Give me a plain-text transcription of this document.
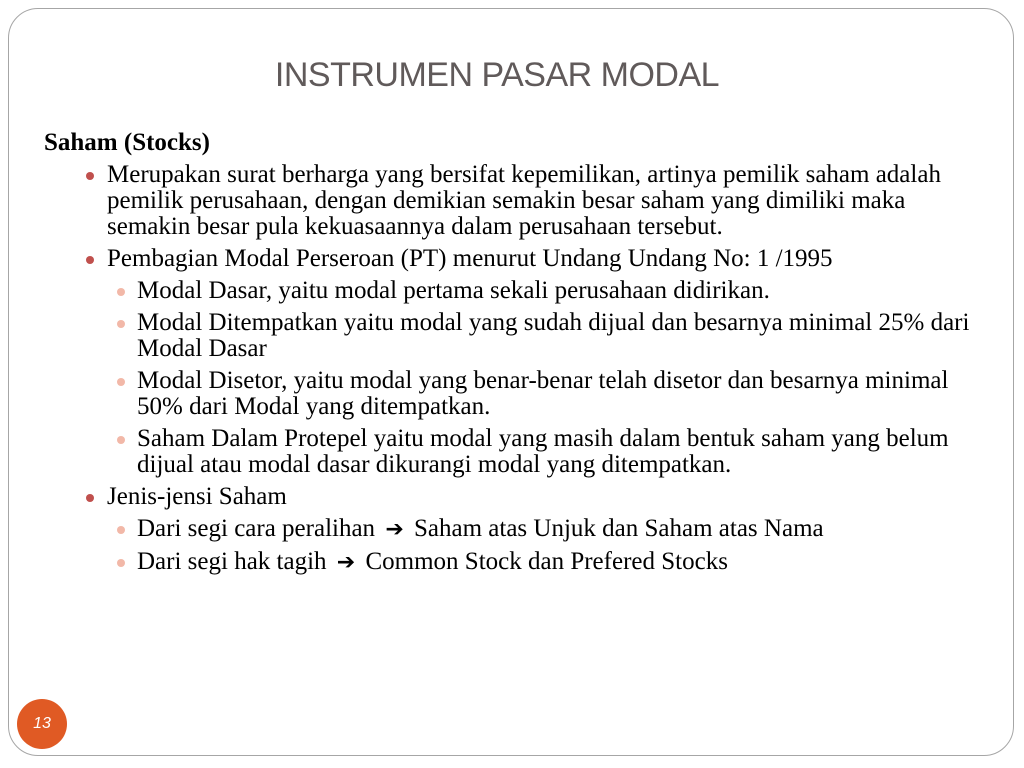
INSTRUMEN PASAR MODAL
Saham (Stocks)
Merupakan surat berharga yang bersifat kepemilikan, artinya pemilik saham adalah pemilik perusahaan, dengan demikian semakin besar saham yang dimiliki maka semakin besar pula kekuasaannya dalam perusahaan tersebut.
Pembagian Modal Perseroan (PT) menurut Undang Undang No: 1 /1995
Modal Dasar, yaitu modal pertama sekali perusahaan didirikan.
Modal Ditempatkan yaitu modal yang sudah dijual dan besarnya minimal 25% dari Modal Dasar
Modal Disetor, yaitu modal yang benar-benar telah disetor dan besarnya minimal 50% dari Modal yang ditempatkan.
Saham Dalam Protepel yaitu modal yang masih dalam bentuk saham yang belum dijual atau modal dasar dikurangi modal yang ditempatkan.
Jenis-jensi Saham
Dari segi cara peralihan ➔ Saham atas Unjuk dan Saham atas Nama
Dari segi hak tagih ➔ Common Stock dan Prefered Stocks
13
